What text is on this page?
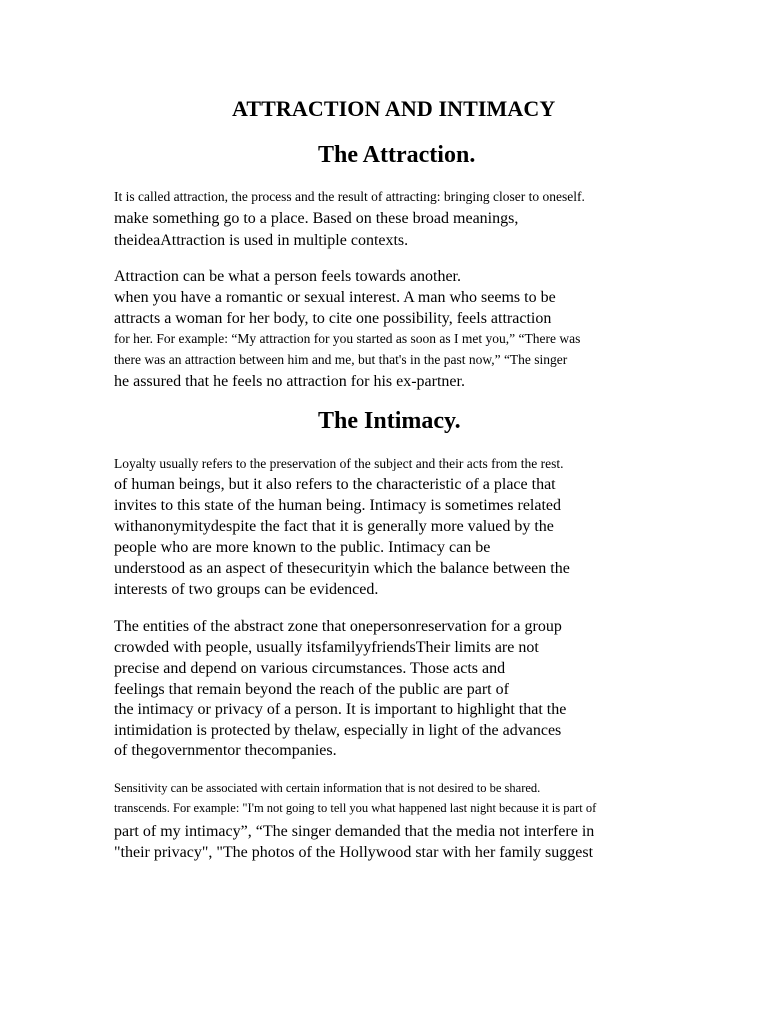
ATTRACTION AND INTIMACY
The Attraction.
It is called attraction, the process and the result of attracting: bringing closer to oneself.
make something go to a place. Based on these broad meanings,
theideaAttraction is used in multiple contexts.
Attraction can be what a person feels towards another.
when you have a romantic or sexual interest. A man who seems to be
attracts a woman for her body, to cite one possibility, feels attraction
for her. For example: “My attraction for you started as soon as I met you,” “There was
there was an attraction between him and me, but that's in the past now,” “The singer
he assured that he feels no attraction for his ex-partner.
The Intimacy.
Loyalty usually refers to the preservation of the subject and their acts from the rest.
of human beings, but it also refers to the characteristic of a place that
invites to this state of the human being. Intimacy is sometimes related
withanonymitydespite the fact that it is generally more valued by the
people who are more known to the public. Intimacy can be
understood as an aspect of thesecurityin which the balance between the
interests of two groups can be evidenced.
The entities of the abstract zone that onepersonreservation for a group
crowded with people, usually itsfamilyyfriendsTheir limits are not
precise and depend on various circumstances. Those acts and
feelings that remain beyond the reach of the public are part of
the intimacy or privacy of a person. It is important to highlight that the
intimidation is protected by thelaw, especially in light of the advances
of thegovernmentor thecompanies.
Sensitivity can be associated with certain information that is not desired to be shared.
transcends. For example: "I'm not going to tell you what happened last night because it is part of
part of my intimacy”, “The singer demanded that the media not interfere in
"their privacy", "The photos of the Hollywood star with her family suggest
